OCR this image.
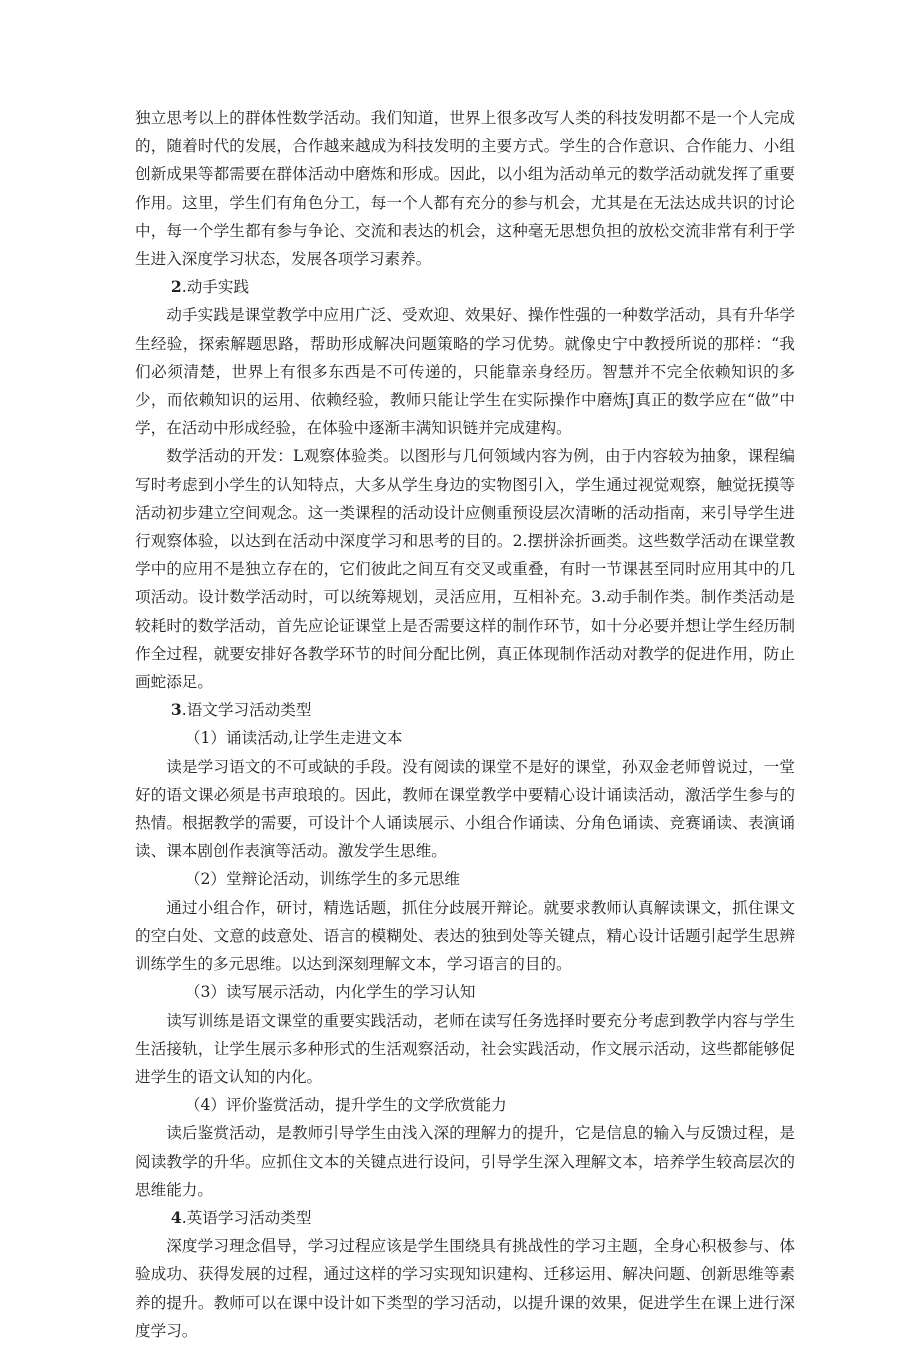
独立思考以上的群体性数学活动。我们知道，世界上很多改写人类的科技发明都不是一个人完成的，随着时代的发展，合作越来越成为科技发明的主要方式。学生的合作意识、合作能力、小组创新成果等都需要在群体活动中磨炼和形成。因此，以小组为活动单元的数学活动就发挥了重要作用。这里，学生们有角色分工，每一个人都有充分的参与机会，尤其是在无法达成共识的讨论中，每一个学生都有参与争论、交流和表达的机会，这种毫无思想负担的放松交流非常有利于学生进入深度学习状态，发展各项学习素养。

2.动手实践

动手实践是课堂教学中应用广泛、受欢迎、效果好、操作性强的一种数学活动，具有升华学生经验，探索解题思路，帮助形成解决问题策略的学习优势。就像史宁中教授所说的那样：“我们必须清楚，世界上有很多东西是不可传递的，只能靠亲身经历。智慧并不完全依赖知识的多少，而依赖知识的运用、依赖经验，教师只能让学生在实际操作中磨炼J真正的数学应在“做”中学，在活动中形成经验，在体验中逐渐丰满知识链并完成建构。

数学活动的开发：L观察体验类。以图形与几何领域内容为例，由于内容较为抽象，课程编写时考虑到小学生的认知特点，大多从学生身边的实物图引入，学生通过视觉观察，触觉抚摸等活动初步建立空间观念。这一类课程的活动设计应侧重预设层次清晰的活动指南，来引导学生进行观察体验，以达到在活动中深度学习和思考的目的。2.摆拼涂折画类。这些数学活动在课堂教学中的应用不是独立存在的，它们彼此之间互有交叉或重叠，有时一节课甚至同时应用其中的几项活动。设计数学活动时，可以统筹规划，灵活应用，互相补充。3.动手制作类。制作类活动是较耗时的数学活动，首先应论证课堂上是否需要这样的制作环节，如十分必要并想让学生经历制作全过程，就要安排好各教学环节的时间分配比例，真正体现制作活动对教学的促进作用，防止画蛇添足。

3.语文学习活动类型
（1）诵读活动,让学生走进文本

读是学习语文的不可或缺的手段。没有阅读的课堂不是好的课堂，孙双金老师曾说过，一堂好的语文课必须是书声琅琅的。因此，教师在课堂教学中要精心设计诵读活动，激活学生参与的热情。根据教学的需要，可设计个人诵读展示、小组合作诵读、分角色诵读、竞赛诵读、表演诵读、课本剧创作表演等活动。激发学生思维。

（2）堂辩论活动，训练学生的多元思维

通过小组合作，研讨，精选话题，抓住分歧展开辩论。就要求教师认真解读课文，抓住课文的空白处、文意的歧意处、语言的模糊处、表达的独到处等关键点，精心设计话题引起学生思辨训练学生的多元思维。以达到深刻理解文本，学习语言的目的。

（3）读写展示活动，内化学生的学习认知

读写训练是语文课堂的重要实践活动，老师在读写任务选择时要充分考虑到教学内容与学生生活接轨，让学生展示多种形式的生活观察活动，社会实践活动，作文展示活动，这些都能够促进学生的语文认知的内化。

（4）评价鉴赏活动，提升学生的文学欣赏能力

读后鉴赏活动，是教师引导学生由浅入深的理解力的提升，它是信息的输入与反馈过程，是阅读教学的升华。应抓住文本的关键点进行设问，引导学生深入理解文本，培养学生较高层次的思维能力。

4.英语学习活动类型

深度学习理念倡导，学习过程应该是学生围绕具有挑战性的学习主题，全身心积极参与、体验成功、获得发展的过程，通过这样的学习实现知识建构、迁移运用、解决问题、创新思维等素养的提升。教师可以在课中设计如下类型的学习活动，以提升课的效果，促进学生在课上进行深度学习。
